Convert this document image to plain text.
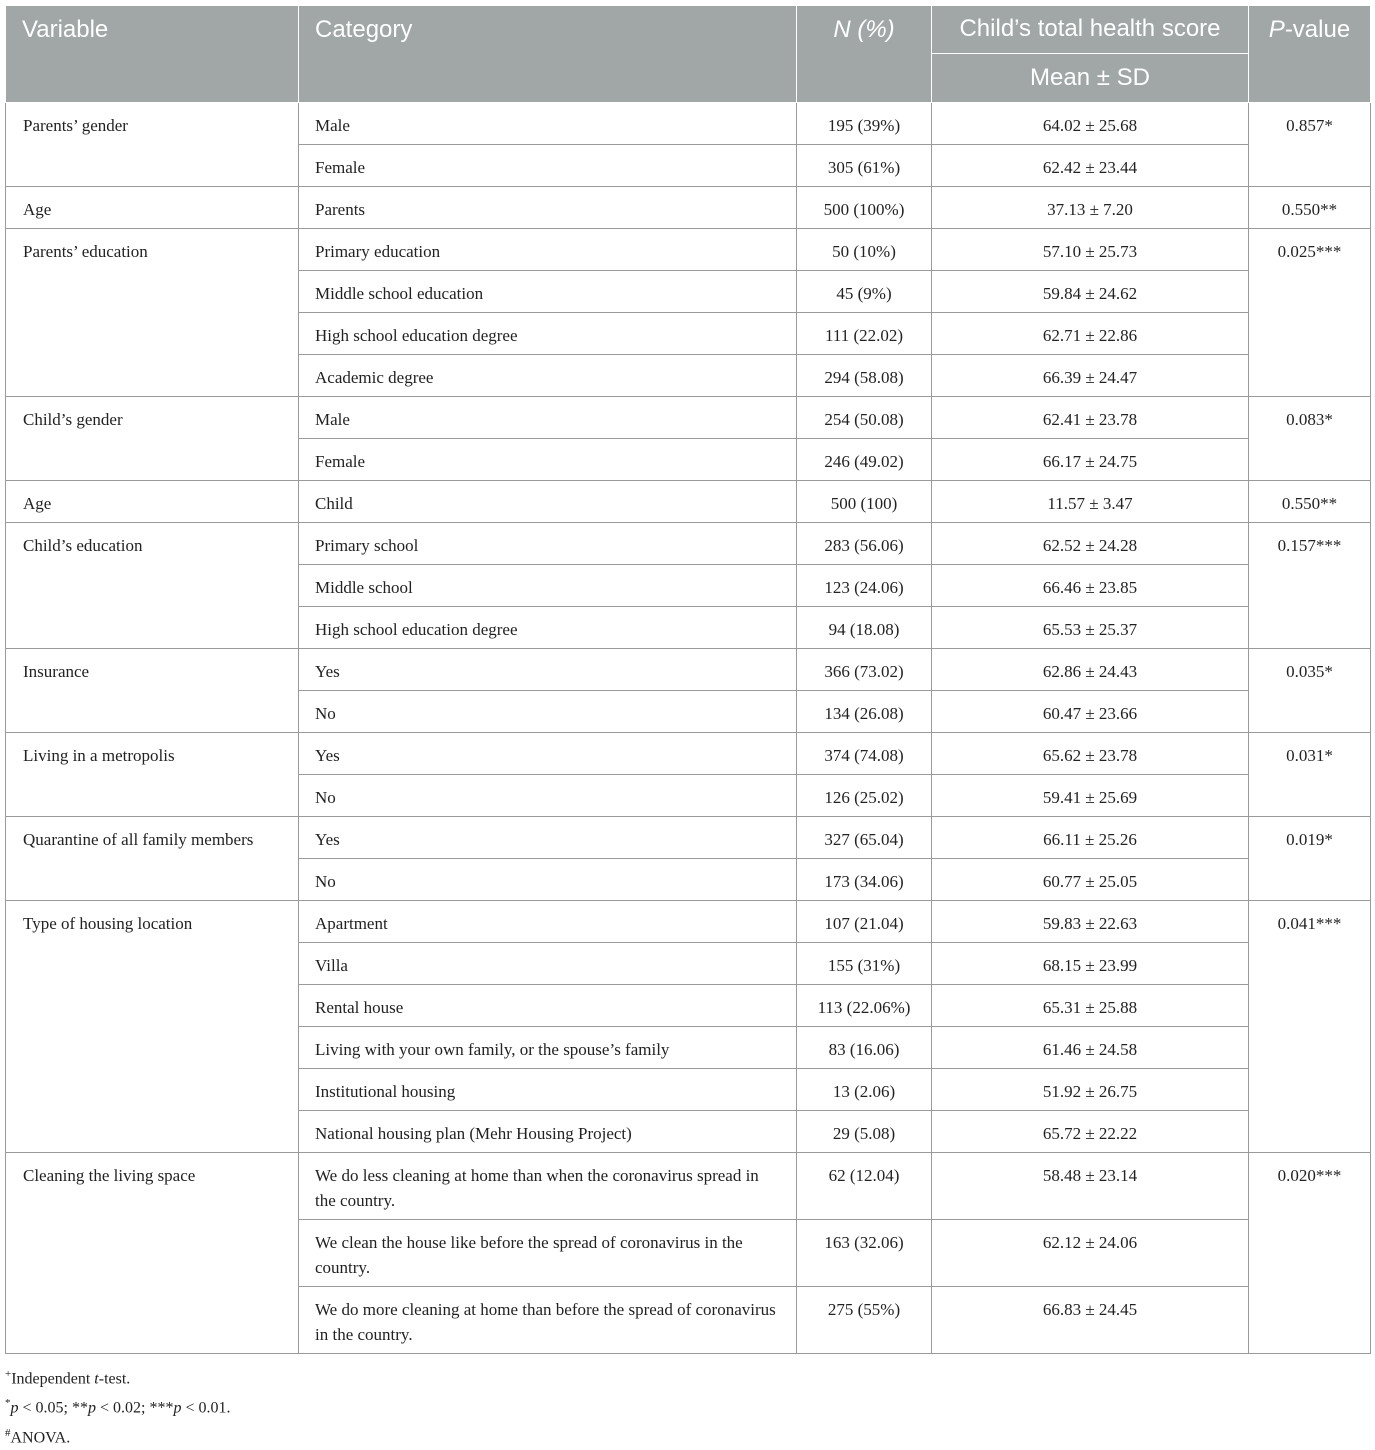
Variable	Category	N (%)	Child’s total health score	P-value
			Mean ± SD	
Parents’ gender	Male	195 (39%)	64.02 ± 25.68	0.857*
	Female	305 (61%)	62.42 ± 23.44	
Age	Parents	500 (100%)	37.13 ± 7.20	0.550**
Parents’ education	Primary education	50 (10%)	57.10 ± 25.73	0.025***
	Middle school education	45 (9%)	59.84 ± 24.62	
	High school education degree	111 (22.02)	62.71 ± 22.86	
	Academic degree	294 (58.08)	66.39 ± 24.47	
Child’s gender	Male	254 (50.08)	62.41 ± 23.78	0.083*
	Female	246 (49.02)	66.17 ± 24.75	
Age	Child	500 (100)	11.57 ± 3.47	0.550**
Child’s education	Primary school	283 (56.06)	62.52 ± 24.28	0.157***
	Middle school	123 (24.06)	66.46 ± 23.85	
	High school education degree	94 (18.08)	65.53 ± 25.37	
Insurance	Yes	366 (73.02)	62.86 ± 24.43	0.035*
	No	134 (26.08)	60.47 ± 23.66	
Living in a metropolis	Yes	374 (74.08)	65.62 ± 23.78	0.031*
	No	126 (25.02)	59.41 ± 25.69	
Quarantine of all family members	Yes	327 (65.04)	66.11 ± 25.26	0.019*
	No	173 (34.06)	60.77 ± 25.05	
Type of housing location	Apartment	107 (21.04)	59.83 ± 22.63	0.041***
	Villa	155 (31%)	68.15 ± 23.99	
	Rental house	113 (22.06%)	65.31 ± 25.88	
	Living with your own family, or the spouse’s family	83 (16.06)	61.46 ± 24.58	
	Institutional housing	13 (2.06)	51.92 ± 26.75	
	National housing plan (Mehr Housing Project)	29 (5.08)	65.72 ± 22.22	
Cleaning the living space	We do less cleaning at home than when the coronavirus spread in the country.	62 (12.04)	58.48 ± 23.14	0.020***
	We clean the house like before the spread of coronavirus in the country.	163 (32.06)	62.12 ± 24.06	
	We do more cleaning at home than before the spread of coronavirus in the country.	275 (55%)	66.83 ± 24.45	
+Independent t-test.
*p < 0.05; **p < 0.02; ***p < 0.01.
#ANOVA.
